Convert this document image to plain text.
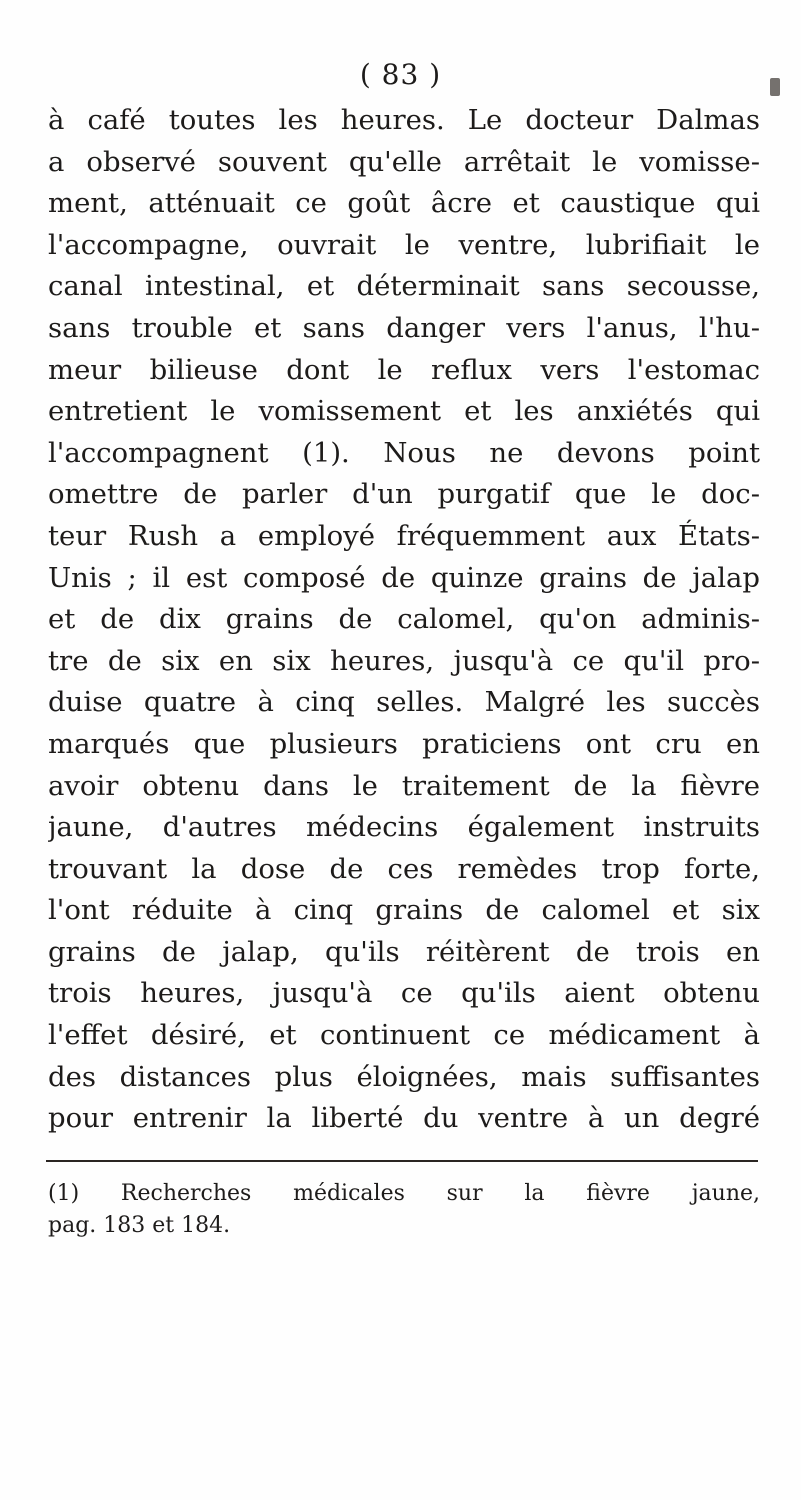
( 83 )
à café toutes les heures. Le docteur Dalmas
a observé souvent qu'elle arrêtait le vomisse-
ment, atténuait ce goût âcre et caustique qui
l'accompagne, ouvrait le ventre, lubrifiait le
canal intestinal, et déterminait sans secousse,
sans trouble et sans danger vers l'anus, l'hu-
meur bilieuse dont le reflux vers l'estomac
entretient le vomissement et les anxiétés qui
l'accompagnent (1). Nous ne devons point
omettre de parler d'un purgatif que le doc-
teur Rush a employé fréquemment aux États-
Unis ; il est composé de quinze grains de jalap
et de dix grains de calomel, qu'on adminis-
tre de six en six heures, jusqu'à ce qu'il pro-
duise quatre à cinq selles. Malgré les succès
marqués que plusieurs praticiens ont cru en
avoir obtenu dans le traitement de la fièvre
jaune, d'autres médecins également instruits
trouvant la dose de ces remèdes trop forte,
l'ont réduite à cinq grains de calomel et six
grains de jalap, qu'ils réitèrent de trois en
trois heures, jusqu'à ce qu'ils aient obtenu
l'effet désiré, et continuent ce médicament à
des distances plus éloignées, mais suffisantes
pour entrenir la liberté du ventre à un degré
(1) Recherches médicales sur la fièvre jaune,
pag. 183 et 184.
